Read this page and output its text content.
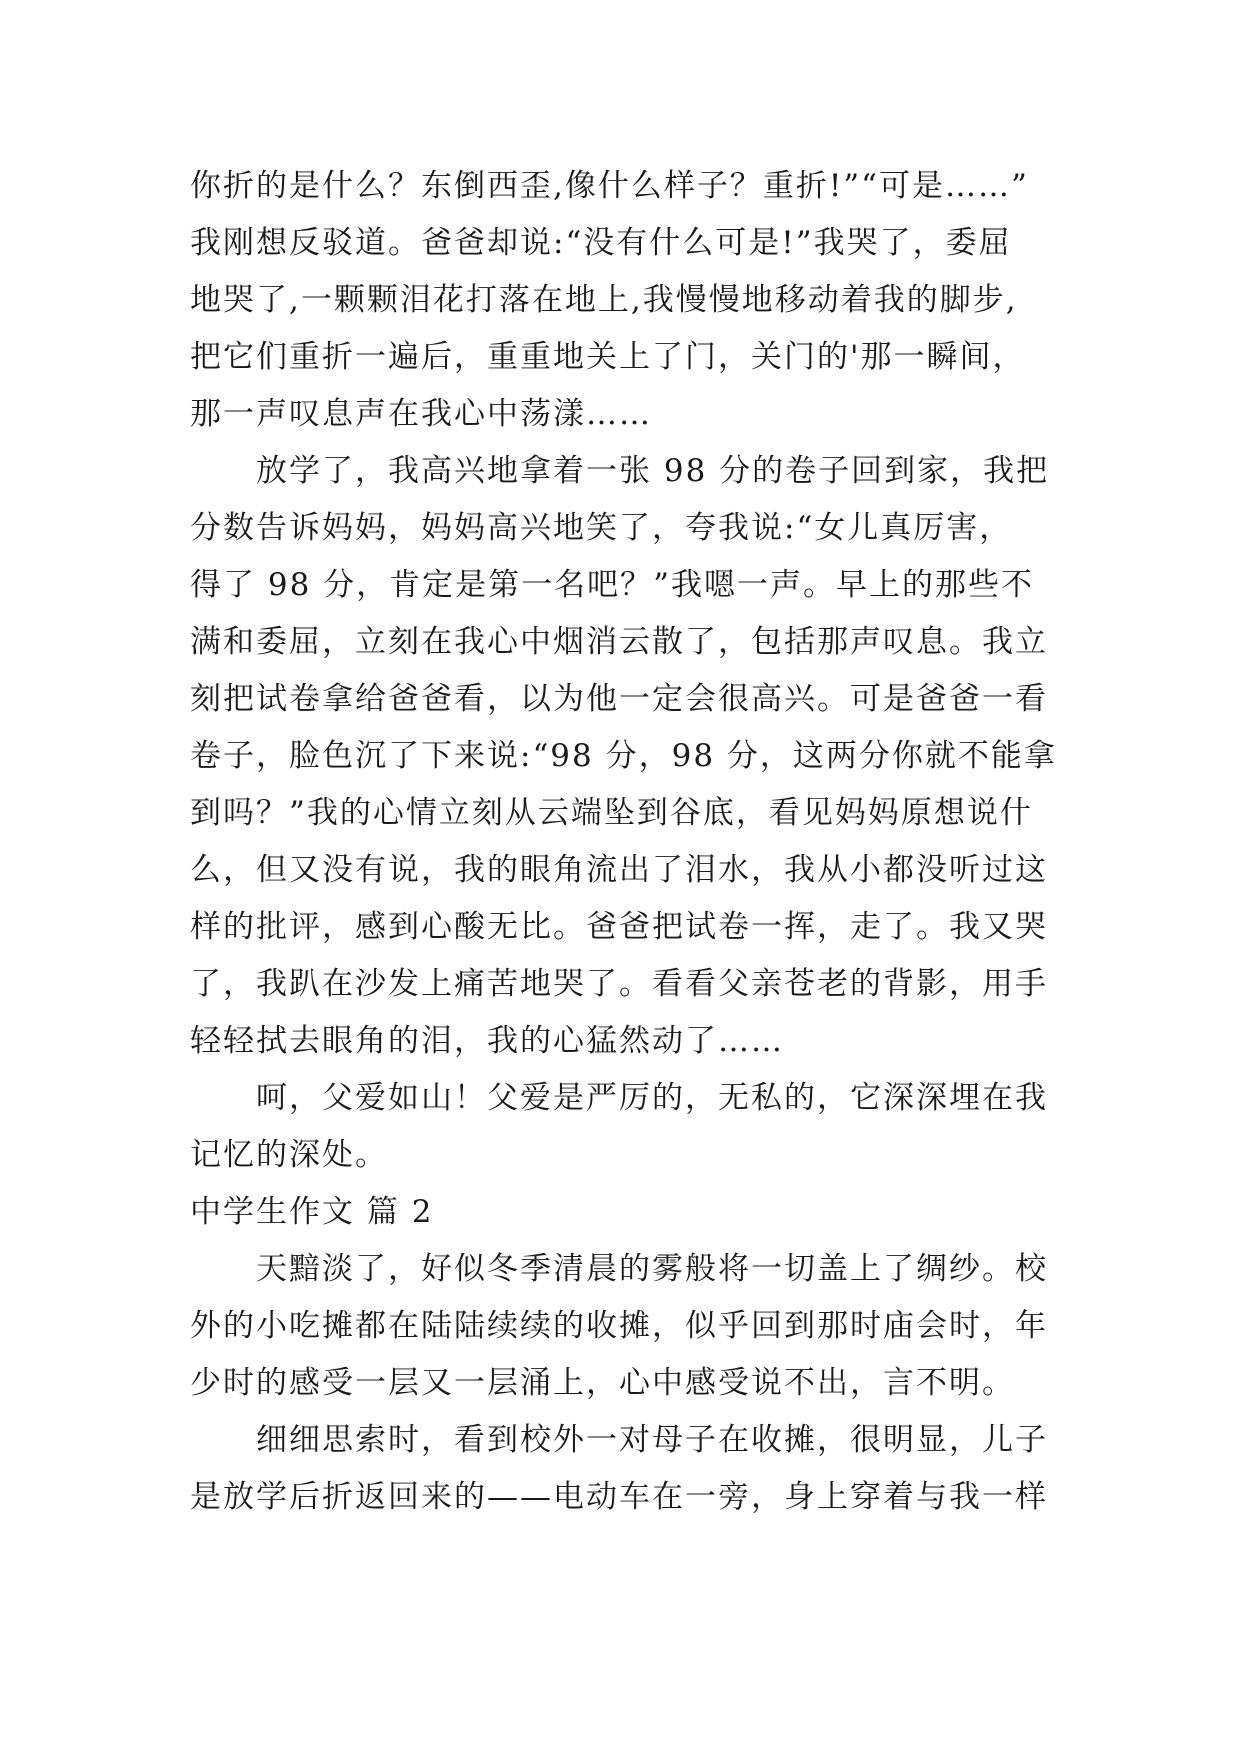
你折的是什么？东倒西歪,像什么样子？重折!”“可是……”
我刚想反驳道。爸爸却说:“没有什么可是!”我哭了，委屈
地哭了,一颗颗泪花打落在地上,我慢慢地移动着我的脚步,
把它们重折一遍后，重重地关上了门，关门的'那一瞬间，
那一声叹息声在我心中荡漾……
放学了，我高兴地拿着一张 98 分的卷子回到家，我把
分数告诉妈妈，妈妈高兴地笑了，夸我说:“女儿真厉害，
得了 98 分，肯定是第一名吧？”我嗯一声。早上的那些不
满和委屈，立刻在我心中烟消云散了，包括那声叹息。我立
刻把试卷拿给爸爸看，以为他一定会很高兴。可是爸爸一看
卷子，脸色沉了下来说:“98 分，98 分，这两分你就不能拿
到吗？”我的心情立刻从云端坠到谷底，看见妈妈原想说什
么，但又没有说，我的眼角流出了泪水，我从小都没听过这
样的批评，感到心酸无比。爸爸把试卷一挥，走了。我又哭
了，我趴在沙发上痛苦地哭了。看看父亲苍老的背影，用手
轻轻拭去眼角的泪，我的心猛然动了……
呵，父爱如山！父爱是严厉的，无私的，它深深埋在我
记忆的深处。
中学生作文 篇 2
天黯淡了，好似冬季清晨的雾般将一切盖上了绸纱。校
外的小吃摊都在陆陆续续的收摊，似乎回到那时庙会时，年
少时的感受一层又一层涌上，心中感受说不出，言不明。
细细思索时，看到校外一对母子在收摊，很明显，儿子
是放学后折返回来的——电动车在一旁，身上穿着与我一样
